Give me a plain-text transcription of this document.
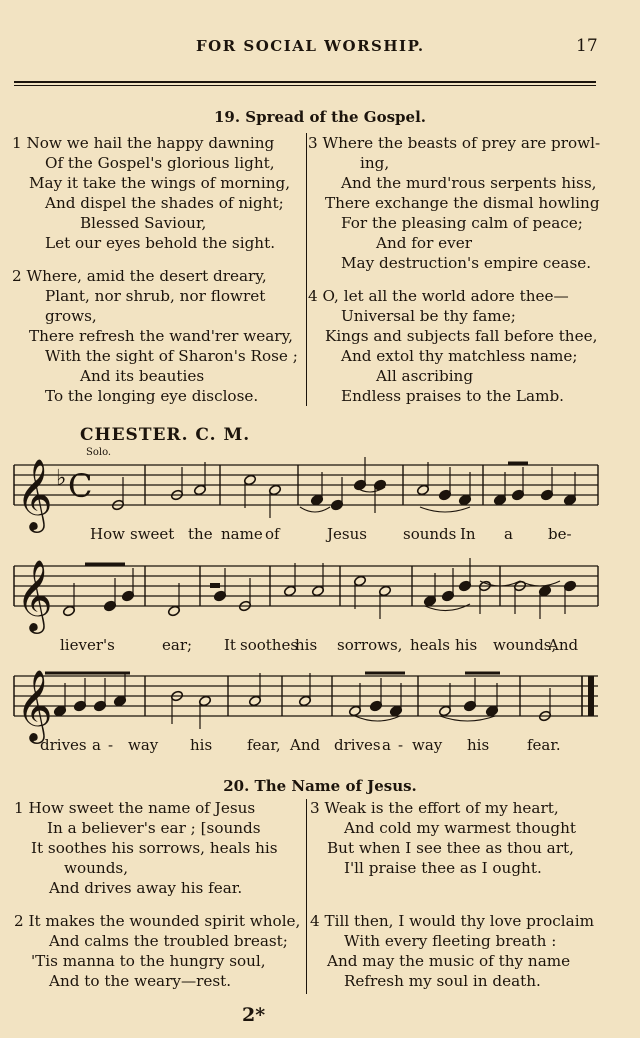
FOR SOCIAL WORSHIP.	17
19. Spread of the Gospel.
1 Now we hail the happy dawning
Of the Gospel's glorious light,
May it take the wings of morning,
And dispel the shades of night;
Blessed Saviour,
Let our eyes behold the sight.
2 Where, amid the desert dreary,
Plant, nor shrub, nor flowret
grows,
There refresh the wand'rer weary,
With the sight of Sharon's Rose ;
And its beauties
To the longing eye disclose.
3 Where the beasts of prey are prowl-
ing,
And the murd'rous serpents hiss,
There exchange the dismal howling
For the pleasing calm of peace;
And for ever
May destruction's empire cease.
4 O, let all the world adore thee—
Universal be thy fame;
Kings and subjects fall before thee,
And extol thy matchless name;
All ascribing
Endless praises to the Lamb.
CHESTER. C. M.
Solo.
𝄞 ♭ C
𝄞
𝄞
How sweet the name of	Jesus sounds In a be-
liever's	ear; It soothes
his sorrows, heals his wounds,
And
drives a - way his fear, And drives a - way his	fear.
20. The Name of Jesus.
1 How sweet the name of Jesus
In a believer's ear ; [sounds
It soothes his sorrows, heals his
wounds,
And drives away his fear.
2 It makes the wounded spirit whole,
And calms the troubled breast;
'Tis manna to the hungry soul,
And to the weary—rest.
3 Weak is the effort of my heart,
And cold my warmest thought
But when I see thee as thou art,
I'll praise thee as I ought.
4 Till then, I would thy love proclaim
With every fleeting breath :
And may the music of thy name
Refresh my soul in death.
2*
